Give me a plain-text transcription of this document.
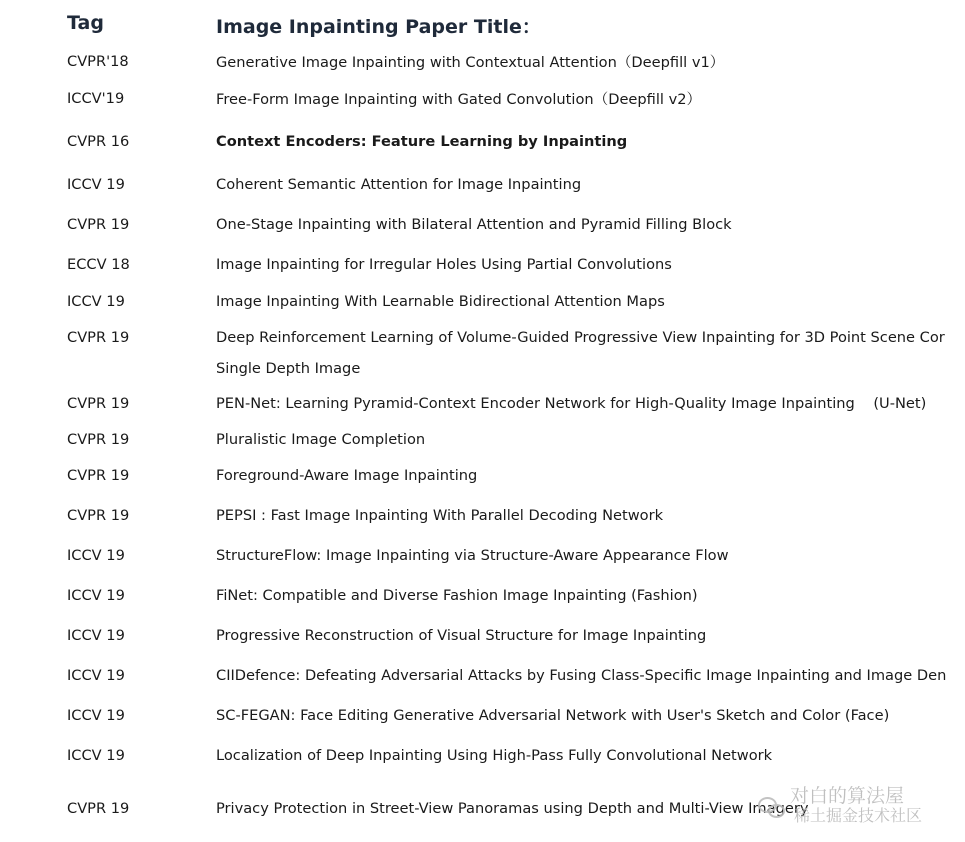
Tag	Image Inpainting Paper Title：
CVPR'18	Generative Image Inpainting with Contextual Attention（Deepfill v1）
ICCV'19	Free-Form Image Inpainting with Gated Convolution（Deepfill v2）
CVPR 16	Context Encoders: Feature Learning by Inpainting
ICCV 19	Coherent Semantic Attention for Image Inpainting
CVPR 19	One-Stage Inpainting with Bilateral Attention and Pyramid Filling Block
ECCV 18	Image Inpainting for Irregular Holes Using Partial Convolutions
ICCV 19	Image Inpainting With Learnable Bidirectional Attention Maps
CVPR 19	Deep Reinforcement Learning of Volume-Guided Progressive View Inpainting for 3D Point Scene Cor
Single Depth Image
CVPR 19	PEN-Net: Learning Pyramid-Context Encoder Network for High-Quality Image Inpainting    (U-Net)
CVPR 19	Pluralistic Image Completion
CVPR 19	Foreground-Aware Image Inpainting
CVPR 19	PEPSI : Fast Image Inpainting With Parallel Decoding Network
ICCV 19	StructureFlow: Image Inpainting via Structure-Aware Appearance Flow
ICCV 19	FiNet: Compatible and Diverse Fashion Image Inpainting (Fashion)
ICCV 19	Progressive Reconstruction of Visual Structure for Image Inpainting
ICCV 19	CIIDefence: Defeating Adversarial Attacks by Fusing Class-Specific Image Inpainting and Image Den
ICCV 19	SC-FEGAN: Face Editing Generative Adversarial Network with User's Sketch and Color (Face)
ICCV 19	Localization of Deep Inpainting Using High-Pass Fully Convolutional Network
CVPR 19	Privacy Protection in Street-View Panoramas using Depth and Multi-View Imagery
对白的算法屋
稀土掘金技术社区
